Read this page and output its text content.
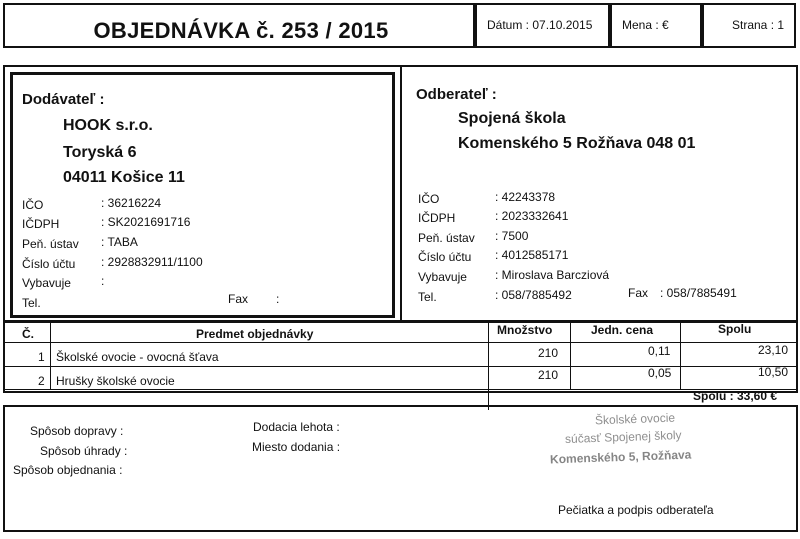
OBJEDNÁVKA č. 253 / 2015	Dátum : 07.10.2015 Mena : €	Strana : 1
Dodávateľ :
HOOK s.r.o.
Toryská 6
04011 Košice 11
IČO	: 36216224
IČDPH	: SK2021691716
Peň. ústav : TABA
Číslo účtu : 2928832911/1100
Vybavuje	:
Tel.	Fax :
Odberateľ :
Spojená škola
Komenského 5 Rožňava 048 01
IČO	: 42243378
IČDPH	: 2023332641
Peň. ústav : 7500
Číslo účtu : 4012585171
Vybavuje : Miroslava Barcziová
Tel.	: 058/7885492	Fax : 058/7885491
Č.	Predmet objednávky	Množstvo	Jedn. cena	Spolu
1 Školské ovocie - ovocná šťava	210	0,11	23,10
2 Hrušky školské ovocie	210	0,05	10,50
Spolu : 33,60 €
Spôsob dopravy :
Spôsob úhrady :
Spôsob objednania :
Dodacia lehota :
Miesto dodania :
Pečiatka a podpis odberateľa
Školské ovocie
súčasť Spojenej školy
Komenského 5, Rožňava
